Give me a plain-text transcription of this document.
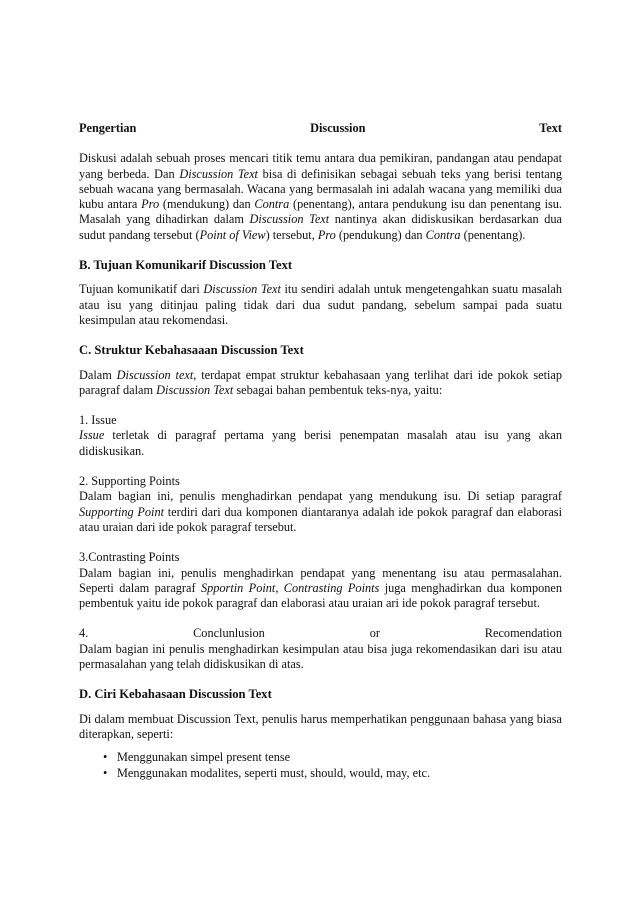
Pengertian	Discussion	Text

Diskusi adalah sebuah proses mencari titik temu antara dua pemikiran, pandangan atau pendapat yang berbeda. Dan Discussion Text bisa di definisikan sebagai sebuah teks yang berisi tentang sebuah wacana yang bermasalah. Wacana yang bermasalah ini adalah wacana yang memiliki dua kubu antara Pro (mendukung) dan Contra (penentang), antara pendukung isu dan penentang isu. Masalah yang dihadirkan dalam Discussion Text nantinya akan didiskusikan berdasarkan dua sudut pandang tersebut (Point of View) tersebut, Pro (pendukung) dan Contra (penentang).

B. Tujuan Komunikarif Discussion Text

Tujuan komunikatif dari Discussion Text itu sendiri adalah untuk mengetengahkan suatu masalah atau isu yang ditinjau paling tidak dari dua sudut pandang, sebelum sampai pada suatu kesimpulan atau rekomendasi.

C. Struktur Kebahasaaan Discussion Text

Dalam Discussion text, terdapat empat struktur kebahasaan yang terlihat dari ide pokok setiap paragraf dalam Discussion Text sebagai bahan pembentuk teks-nya, yaitu:

1. Issue

Issue terletak di paragraf pertama yang berisi penempatan masalah atau isu yang akan didiskusikan.

2. Supporting Points

Dalam bagian ini, penulis menghadirkan pendapat yang mendukung isu. Di setiap paragraf Supporting Point terdiri dari dua komponen diantaranya adalah ide pokok paragraf dan elaborasi atau uraian dari ide pokok paragraf tersebut.

3.Contrasting Points

Dalam bagian ini, penulis menghadirkan pendapat yang menentang isu atau permasalahan. Seperti dalam paragraf Spportin Point, Contrasting Points juga menghadirkan dua komponen pembentuk yaitu ide pokok paragraf dan elaborasi atau uraian ari ide pokok paragraf tersebut.

4.	Conclunlusion	or	Recomendation

Dalam bagian ini penulis menghadirkan kesimpulan atau bisa juga rekomendasikan dari isu atau permasalahan yang telah didiskusikan di atas.

D. Ciri Kebahasaan Discussion Text

Di dalam membuat Discussion Text, penulis harus memperhatikan penggunaan bahasa yang biasa diterapkan, seperti:

• Menggunakan simpel present tense
• Menggunakan modalites, seperti must, should, would, may, etc.
